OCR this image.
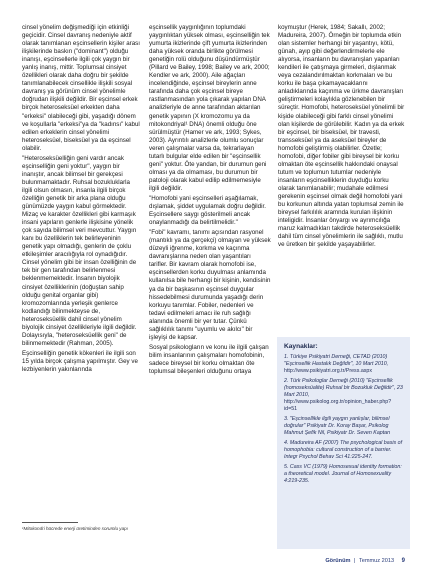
cinsel yönelim değişmediği için etkinliği geçicidir. Cinsel davranış nedeniyle aktif olarak tanımlanan eşcinsellerin kişiler arası ilişkilerinde baskın ("dominant") olduğu inanışı, eşcinsellerle ilgili çok yaygın bir yanlış inanış, mittir. Toplumsal cinsiyet özellikleri olarak daha doğru bir şekilde tanımlanabilecek cinsellikle ilişkili sosyal davranış ya görünüm cinsel yönelimle doğrudan ilişkili değildir. Bir eşcinsel erkek birçok heteroseksüel erkekten daha "erkeksi" olabileceği gibi, yaşadığı dönem ve koşullarla "erkeksi"ya da "kadınsı" kabul edilen erkeklerin cinsel yönelimi heteroseksüel, biseksüel ya da eşcinsel olabilir.

"Heteroseksüelliğin geni vardır ancak eşcinselliğin geni yoktur", yaygın bir inanıştır, ancak bilimsel bir gerekçesi bulunmamaktadır. Ruhsal bozukluklarla ilgili olsun olmasın, insanla ilgili birçok özelliğin genetik bir arka plana olduğu günümüzde yaygın kabul görmektedir. Mizaç ve karakter özellikleri gibi karmaşık insani yapıların genlerle ilişkisine yönelik çok sayıda bilimsel veri mevcuttur. Yaygın kanı bu özelliklerin tek belirleyeninin genetik yapı olmadığı, genlerin de çoklu etkileşimler aracılığıyla rol oynadığıdır. Cinsel yönelim gibi bir insan özelliğinin de tek bir gen tarafından belirlenmesi beklenmemektedir. İnsanın biyolojik cinsiyet özelliklerinin (doğuştan sahip olduğu genital organlar gibi) kromozomlarında yerleşik genlerce kodlandığı bilinmekteyse de, heteroseksüellik dahil cinsel yönelim biyolojik cinsiyet özellikleriyle ilgili değildir. Dolayısıyla, "heteroseksüellik geni" de bilinmemektedir (Rahman, 2005).

Eşcinselliğin genetik kökenleri ile ilgili son 15 yılda birçok çalışma yapılmıştır. Gey ve lezbiyenlerin yakınlarında

eşcinsellik yaygınlığının toplumdaki yaygınlıktan yüksek olması, eşcinselliğin tek yumurta ikizlerinde çift yumurta ikizlerinden daha yüksek oranda birlikte görülmesi genetiğin rolü olduğunu düşündürmüştür (Pillard ve Bailey, 1998; Bailey ve ark, 2000; Kendler ve ark, 2000). Aile ağaçları incelendiğinde, eşcinsel bireylerin anne tarafında daha çok eşcinsel bireye rastlanmasından yola çıkarak yapılan DNA analizleriyle de anne tarafından aktarılan genetik yapının (X kromozomu ya da mitokondriyal¹ DNA) önemli olduğu öne sürülmüştür (Hamer ve ark, 1993; Sykes, 2003). Ayrıntılı analizlerle olumlu sonuçlar veren çalışmalar varsa da, tekrarlayan tutarlı bulgular elde edilen bir "eşcinsellik geni" yoktur. Öte yandan, bir durumun geni olması ya da olmaması, bu durumun bir patoloji olarak kabul edilip edilmemesiyle ilgili değildir.

"Homofobi yani eşcinselleri aşağılamak, dışlamak, şiddet uygulamak doğru değildir. Eşcinsellere saygı gösterilmeli ancak onaylanmadığı da belirtilmelidir."

"Fobi" kavramı, tanımı açısından rasyonel (mantıklı ya da gerçekçi) olmayan ve yüksek düzeyli iğrenme, korkma ve kaçınma davranışlarına neden olan yaşantıları tarifler. Bir kavram olarak homofobi ise, eşcinsellerden korku duyulması anlamında kullanılsa bile herhangi bir kişinin, kendisinin ya da bir başkasının eşcinsel duygular hissedebilmesi durumunda yaşadığı derin korkuyu tanımlar. Fobiler, nedenleri ve tedavi edilmeleri amacı ile ruh sağlığı alanında önemli bir yer tutar. Çünkü sağlıklılık tanımı "uyumlu ve akılcı" bir işleyişi de kapsar.

Sosyal psikologların ve konu ile ilgili çalışan bilim insanlarının çalışmaları homofobinin, sadece bireysel bir korku olmaktan öte toplumsal bileşenleri olduğunu ortaya

koymuştur (Herek, 1984; Sakallı, 2002; Madureira, 2007). Örneğin bir toplumda etkin olan sistemler herhangi bir yaşantıyı, kötü, günah, ayıp gibi değerlendirmelerle ele alıyorsa, insanların bu davranışları yapanları kendileri ile çatışmaya girmeleri, dışlanmak veya cezalandırılmaktan korkmaları ve bu korku ile başa çıkamayacaklarını anladıklarında kaçınma ve ürkme davranışları geliştirmeleri kolaylıkla gözlenebilen bir süreçtir. Homofobi, heteroseksüel yönelimli bir kişide olabileceği gibi farklı cinsel yönelimi olan kişilerde de görülebilir. Kadın ya da erkek bir eşcinsel, bir biseksüel, bir travesti, transseksüel ya da aseksüel bireyler de homofobi geliştirmiş olabilirler. Özetle; homofobi, diğer fobiler gibi bireysel bir korku olmaktan öte eşcinsellik hakkındaki onaysal tutum ve toplumun tutumlar nedeniyle insanların eşcinselliklerin duyduğu korku olarak tanımlanabilir; mudahale edilmesi gerekenin eşcinsel olmak değil homofobi yani bu korkunun altında yatan toplumsal zemin ile bireysel farkılılık aramnda kurulan ilişkinin inteligidir. İnsanlar önyargı ve ayrımcılığa maruz kalmadıkları takdirde heteroseksüellik dahil tüm cinsel yönelimlerin ile sağlıklı, mutlu ve üretken bir şekilde yaşayabilirler.

Kaynaklar:
1. Türkiye Psikiyatri Derneği, CETAD (2010) "Eşcinsellik Hastalık Değildir", 10 Mart 2010, http://www.psikiyatri.org.tr/Press.aspx
2. Türk Psikologlar Derneği (2010) "Eşcinsellik (homoseksüalite) Ruhsal bir Bozukluk Değildir", 23 Mart 2010, http://www.psikolog.org.tr/opinion_haber.php?id=51
3. "Eşcinsellikle ilgili yaygın yanlışlar, bilimsel doğrular" Psikiyatr Dr. Koray Başar, Psikolog Mahmut Şefik Nil, Psikiyatr Dr. Seven Kaptan
4. Madureira AF (2007) The psychological basis of homophobia: cultural construction of a barrier. Integr Psychol Behav Sci 41:225-247.
5. Cass VC (1979) Homosexual identity formation: a theoretical model. Journal of Homosexuality 4:219-235.
¹Mitokondri hücrede enerji üretiminden sorumlu yapı
Görünüm | Temmuz 2013 9
